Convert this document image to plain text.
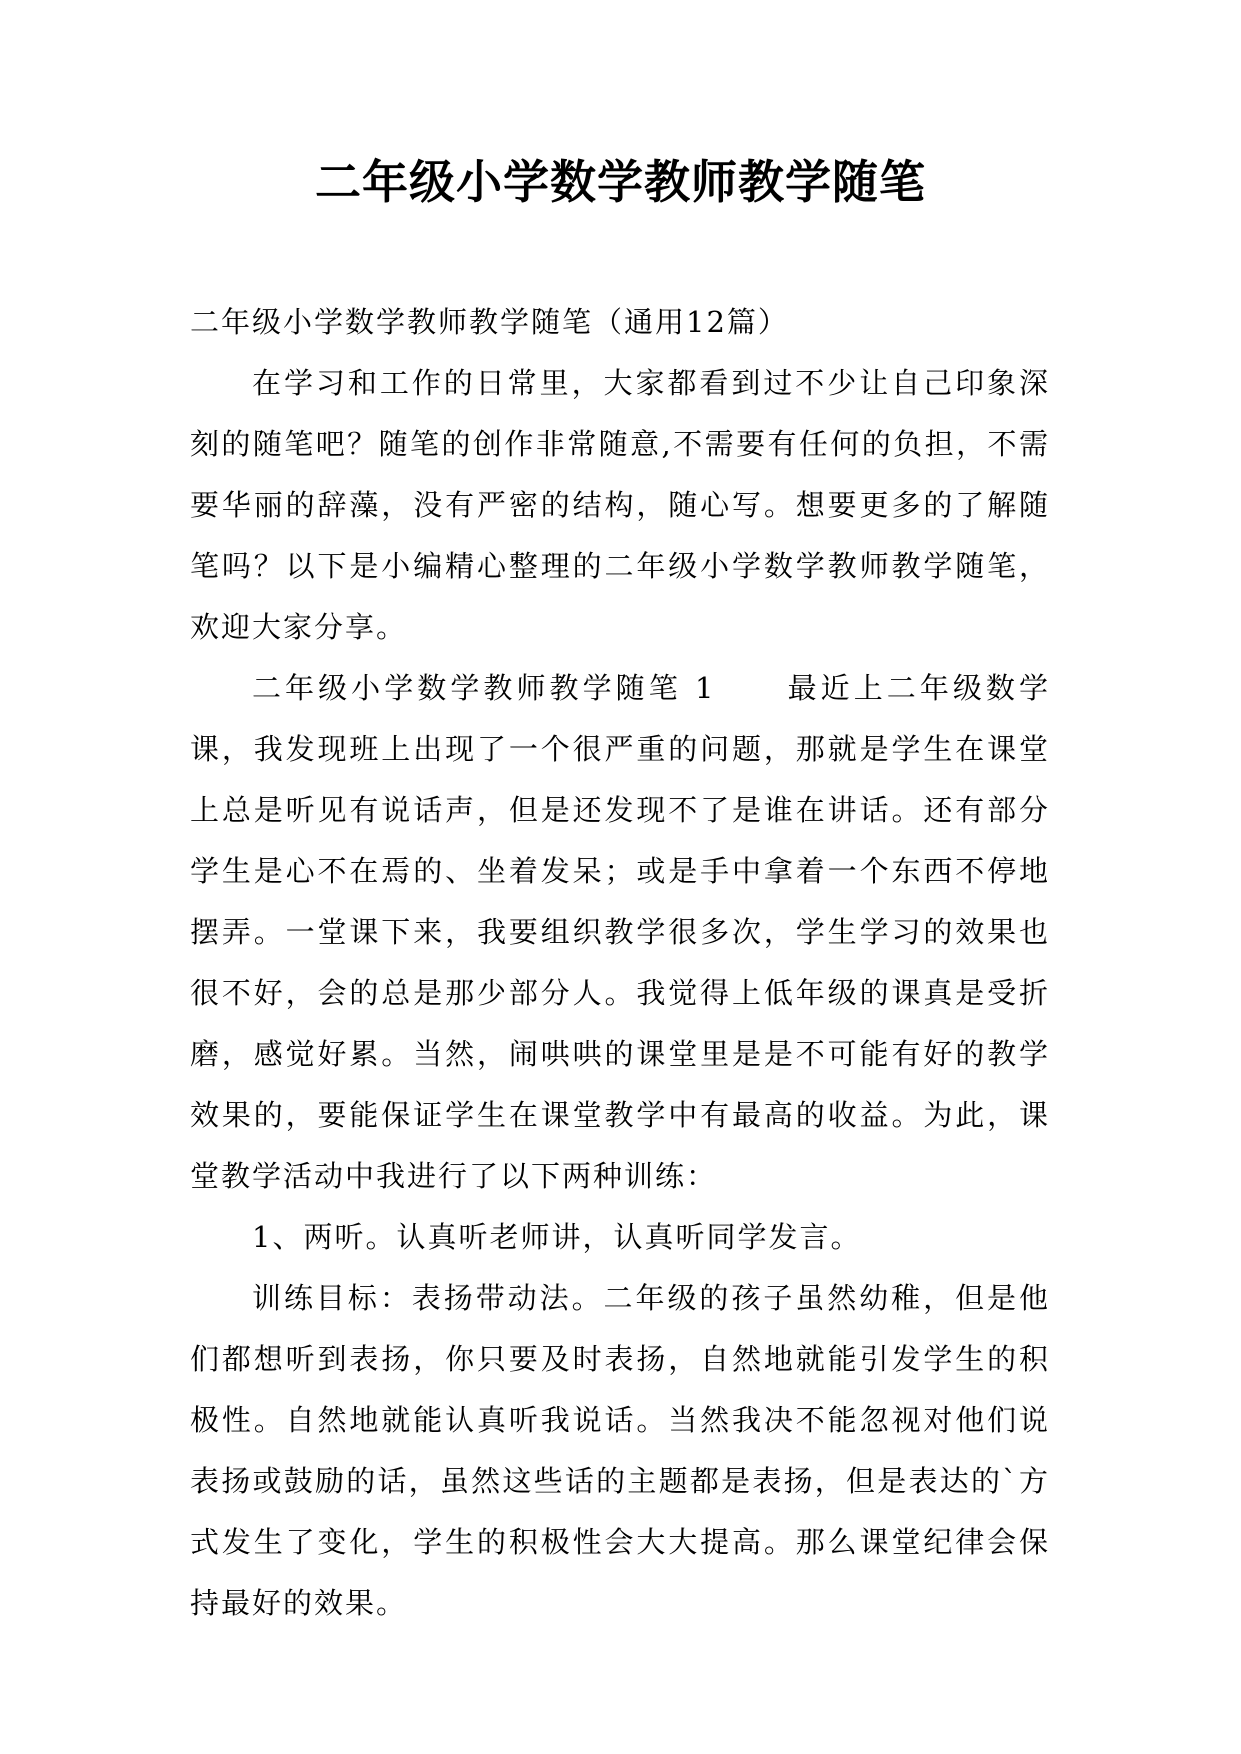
二年级小学数学教师教学随笔

二年级小学数学教师教学随笔（通用12篇）

在学习和工作的日常里，大家都看到过不少让自己印象深刻的随笔吧？随笔的创作非常随意,不需要有任何的负担，不需要华丽的辞藻，没有严密的结构，随心写。想要更多的了解随笔吗？以下是小编精心整理的二年级小学数学教师教学随笔，欢迎大家分享。

二年级小学数学教师教学随笔 1 最近上二年级数学课，我发现班上出现了一个很严重的问题，那就是学生在课堂上总是听见有说话声，但是还发现不了是谁在讲话。还有部分学生是心不在焉的、坐着发呆；或是手中拿着一个东西不停地摆弄。一堂课下来，我要组织教学很多次，学生学习的效果也很不好，会的总是那少部分人。我觉得上低年级的课真是受折磨，感觉好累。当然，闹哄哄的课堂里是是不可能有好的教学效果的，要能保证学生在课堂教学中有最高的收益。为此，课堂教学活动中我进行了以下两种训练：

1、两听。认真听老师讲，认真听同学发言。

训练目标：表扬带动法。二年级的孩子虽然幼稚，但是他们都想听到表扬，你只要及时表扬，自然地就能引发学生的积极性。自然地就能认真听我说话。当然我决不能忽视对他们说表扬或鼓励的话，虽然这些话的主题都是表扬，但是表达的`方式发生了变化，学生的积极性会大大提高。那么课堂纪律会保持最好的效果。
